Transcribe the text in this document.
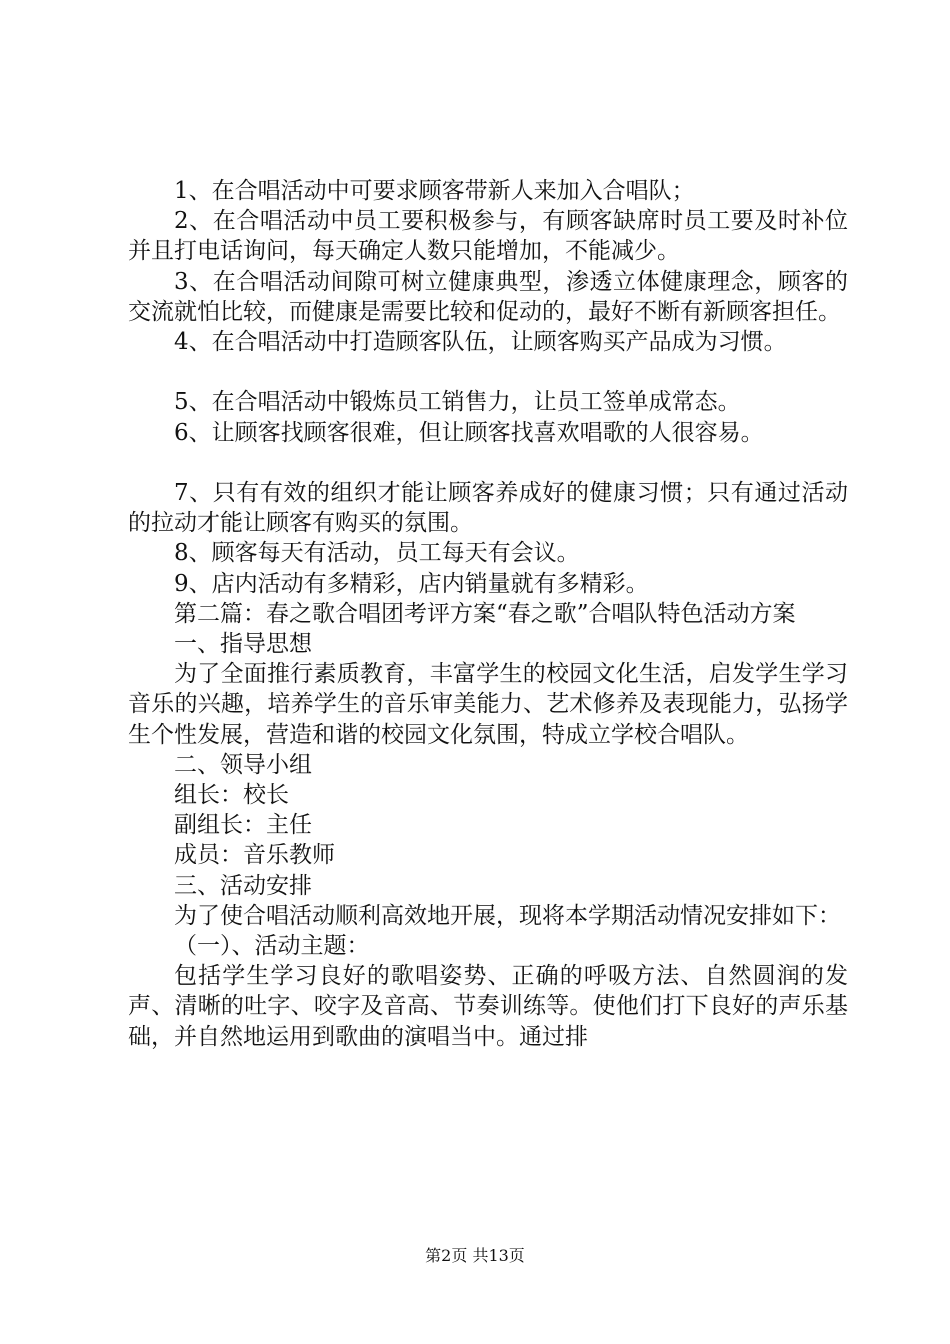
1、在合唱活动中可要求顾客带新人来加入合唱队；

2、在合唱活动中员工要积极参与，有顾客缺席时员工要及时补位并且打电话询问，每天确定人数只能增加，不能减少。

3、在合唱活动间隙可树立健康典型，渗透立体健康理念，顾客的交流就怕比较，而健康是需要比较和促动的，最好不断有新顾客担任。

4、在合唱活动中打造顾客队伍，让顾客购买产品成为习惯。

5、在合唱活动中锻炼员工销售力，让员工签单成常态。

6、让顾客找顾客很难，但让顾客找喜欢唱歌的人很容易。

7、只有有效的组织才能让顾客养成好的健康习惯；只有通过活动的拉动才能让顾客有购买的氛围。

8、顾客每天有活动，员工每天有会议。

9、店内活动有多精彩，店内销量就有多精彩。

第二篇：春之歌合唱团考评方案“春之歌”合唱队特色活动方案

一、指导思想

为了全面推行素质教育，丰富学生的校园文化生活，启发学生学习音乐的兴趣，培养学生的音乐审美能力、艺术修养及表现能力，弘扬学生个性发展，营造和谐的校园文化氛围，特成立学校合唱队。

二、领导小组

组长：校长

副组长：主任

成员：音乐教师

三、活动安排

为了使合唱活动顺利高效地开展，现将本学期活动情况安排如下：

（一）、活动主题：

包括学生学习良好的歌唱姿势、正确的呼吸方法、自然圆润的发声、清晰的吐字、咬字及音高、节奏训练等。使他们打下良好的声乐基础，并自然地运用到歌曲的演唱当中。通过排

第2页 共13页
